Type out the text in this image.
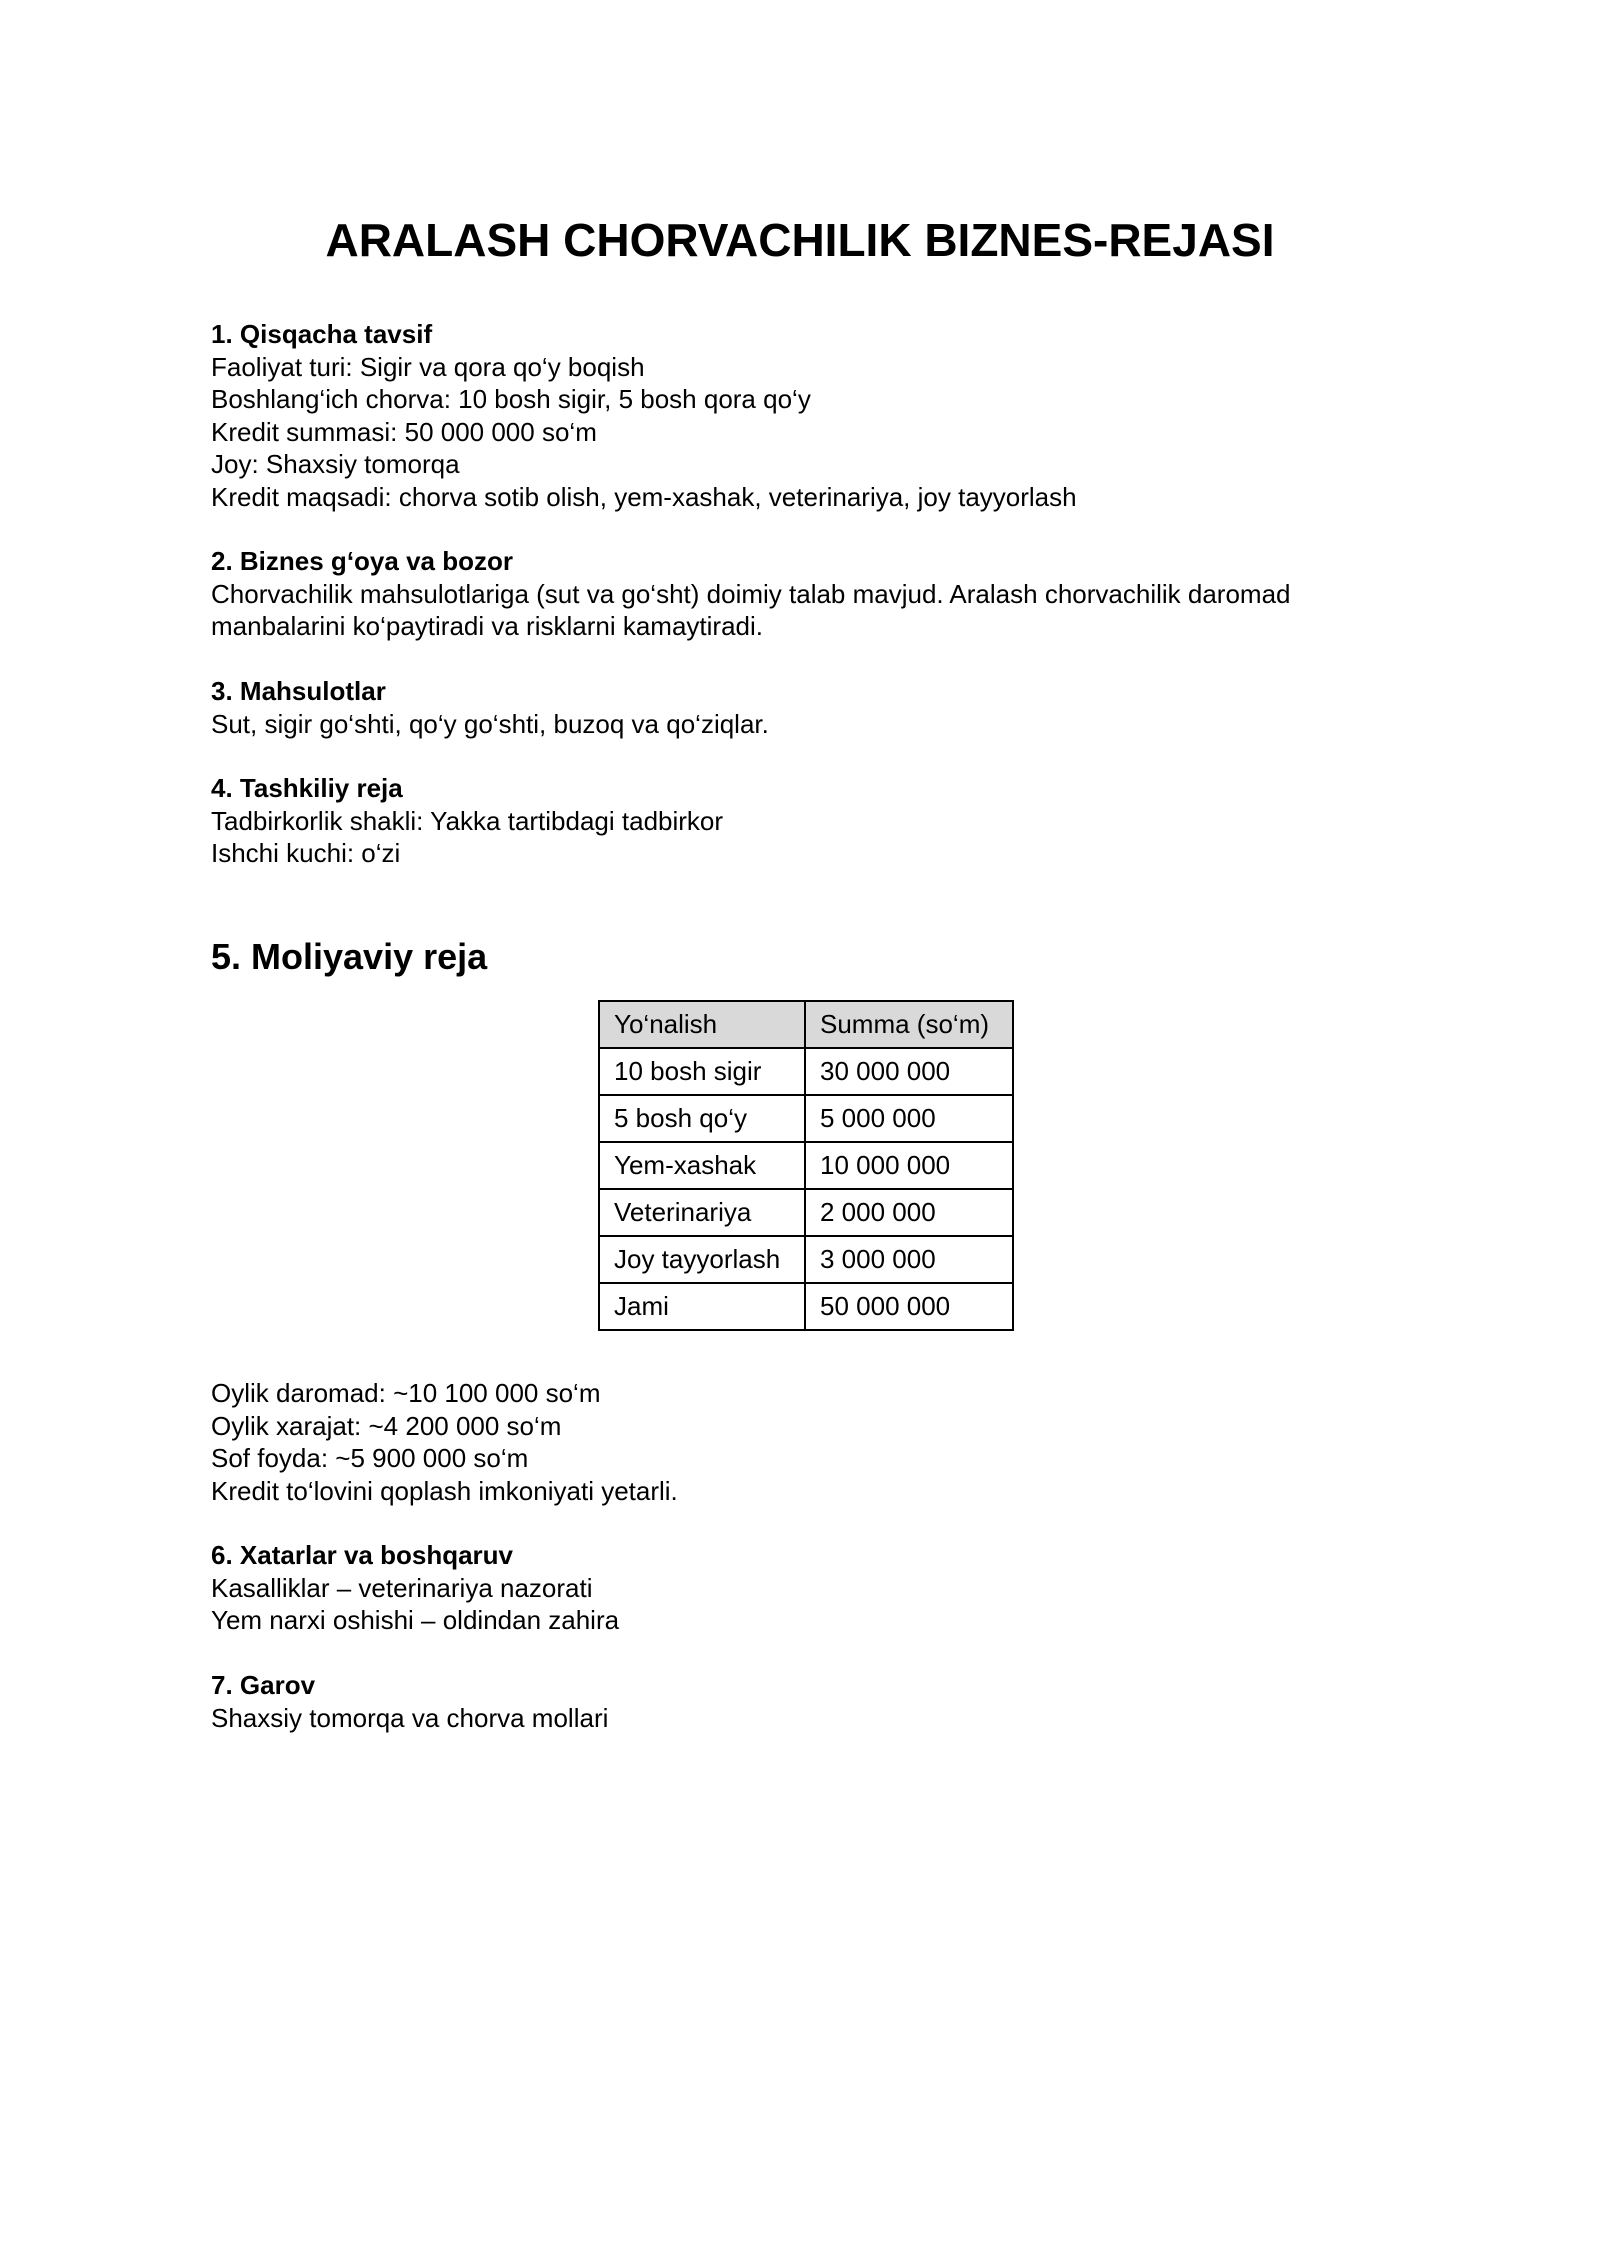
ARALASH CHORVACHILIK BIZNES-REJASI
1. Qisqacha tavsif

Faoliyat turi: Sigir va qora qo‘y boqish

Boshlang‘ich chorva: 10 bosh sigir, 5 bosh qora qo‘y

Kredit summasi: 50 000 000 so‘m

Joy: Shaxsiy tomorqa

Kredit maqsadi: chorva sotib olish, yem-xashak, veterinariya, joy tayyorlash

2. Biznes g‘oya va bozor

Chorvachilik mahsulotlariga (sut va go‘sht) doimiy talab mavjud. Aralash chorvachilik daromad

manbalarini ko‘paytiradi va risklarni kamaytiradi.

3. Mahsulotlar

Sut, sigir go‘shti, qo‘y go‘shti, buzoq va qo‘ziqlar.

4. Tashkiliy reja

Tadbirkorlik shakli: Yakka tartibdagi tadbirkor

Ishchi kuchi: o‘zi

5. Moliyaviy reja
Yo‘nalish	Summa (so‘m)
10 bosh sigir	30 000 000
5 bosh qo‘y	5 000 000
Yem-xashak	10 000 000
Veterinariya	2 000 000
Joy tayyorlash	3 000 000
Jami	50 000 000

Oylik daromad: ~10 100 000 so‘m

Oylik xarajat: ~4 200 000 so‘m

Sof foyda: ~5 900 000 so‘m

Kredit to‘lovini qoplash imkoniyati yetarli.

6. Xatarlar va boshqaruv

Kasalliklar – veterinariya nazorati

Yem narxi oshishi – oldindan zahira

7. Garov

Shaxsiy tomorqa va chorva mollari
